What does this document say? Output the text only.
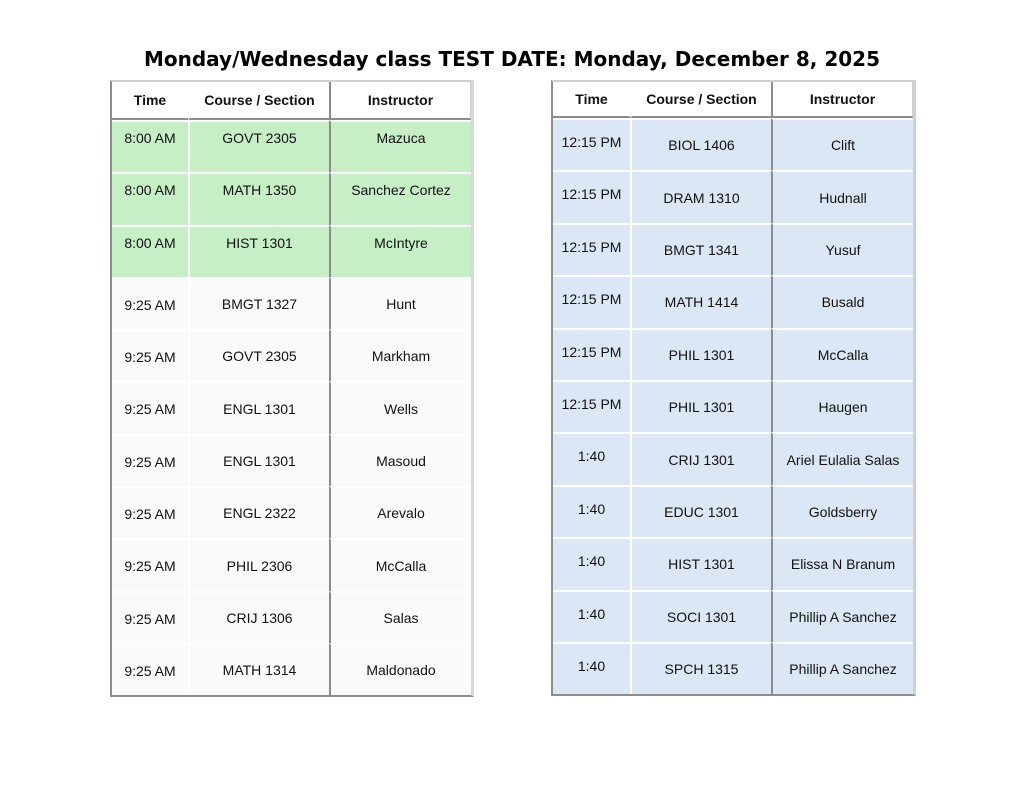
Monday/Wednesday class TEST DATE: Monday, December 8, 2025
Time	Course / Section	Instructor
8:00 AM	GOVT 2305	Mazuca
8:00 AM	MATH 1350	Sanchez Cortez
8:00 AM	HIST 1301	McIntyre
9:25 AM	BMGT 1327	Hunt
9:25 AM	GOVT 2305	Markham
9:25 AM	ENGL 1301	Wells
9:25 AM	ENGL 1301	Masoud
9:25 AM	ENGL 2322	Arevalo
9:25 AM	PHIL 2306	McCalla
9:25 AM	CRIJ 1306	Salas
9:25 AM	MATH 1314	Maldonado
Time	Course / Section	Instructor
12:15 PM	BIOL 1406	Clift
12:15 PM	DRAM 1310	Hudnall
12:15 PM	BMGT 1341	Yusuf
12:15 PM	MATH 1414	Busald
12:15 PM	PHIL 1301	McCalla
12:15 PM	PHIL 1301	Haugen
1:40	CRIJ 1301	Ariel Eulalia Salas
1:40	EDUC 1301	Goldsberry
1:40	HIST 1301	Elissa N Branum
1:40	SOCI 1301	Phillip A Sanchez
1:40	SPCH 1315	Phillip A Sanchez
